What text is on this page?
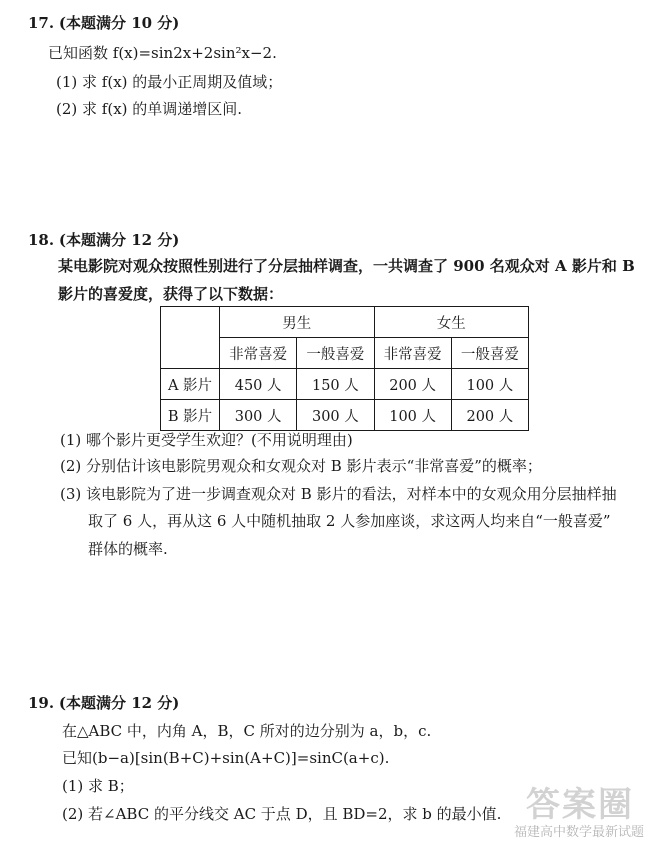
17. (本题满分 10 分)
已知函数 f(x)=sin2x+2sin²x−2.
(1) 求 f(x) 的最小正周期及值域；
(2) 求 f(x) 的单调递增区间.
18. (本题满分 12 分)
某电影院对观众按照性别进行了分层抽样调查，一共调查了 900 名观众对 A 影片和 B
影片的喜爱度，获得了以下数据：
	男生		女生	
	非常喜爱	一般喜爱	非常喜爱	一般喜爱
A 影片	450 人	150 人	200 人	100 人
B 影片	300 人	300 人	100 人	200 人
(1) 哪个影片更受学生欢迎？(不用说明理由)
(2) 分别估计该电影院男观众和女观众对 B 影片表示“非常喜爱”的概率；
(3) 该电影院为了进一步调查观众对 B 影片的看法，对样本中的女观众用分层抽样抽
取了 6 人，再从这 6 人中随机抽取 2 人参加座谈，求这两人均来自“一般喜爱”
群体的概率.
19. (本题满分 12 分)
在△ABC 中，内角 A，B，C 所对的边分别为 a，b，c.
已知(b−a)[sin(B+C)+sin(A+C)]=sinC(a+c).
(1) 求 B；
(2) 若∠ABC 的平分线交 AC 于点 D，且 BD=2，求 b 的最小值. 答案圈
福建高中数学最新试题
